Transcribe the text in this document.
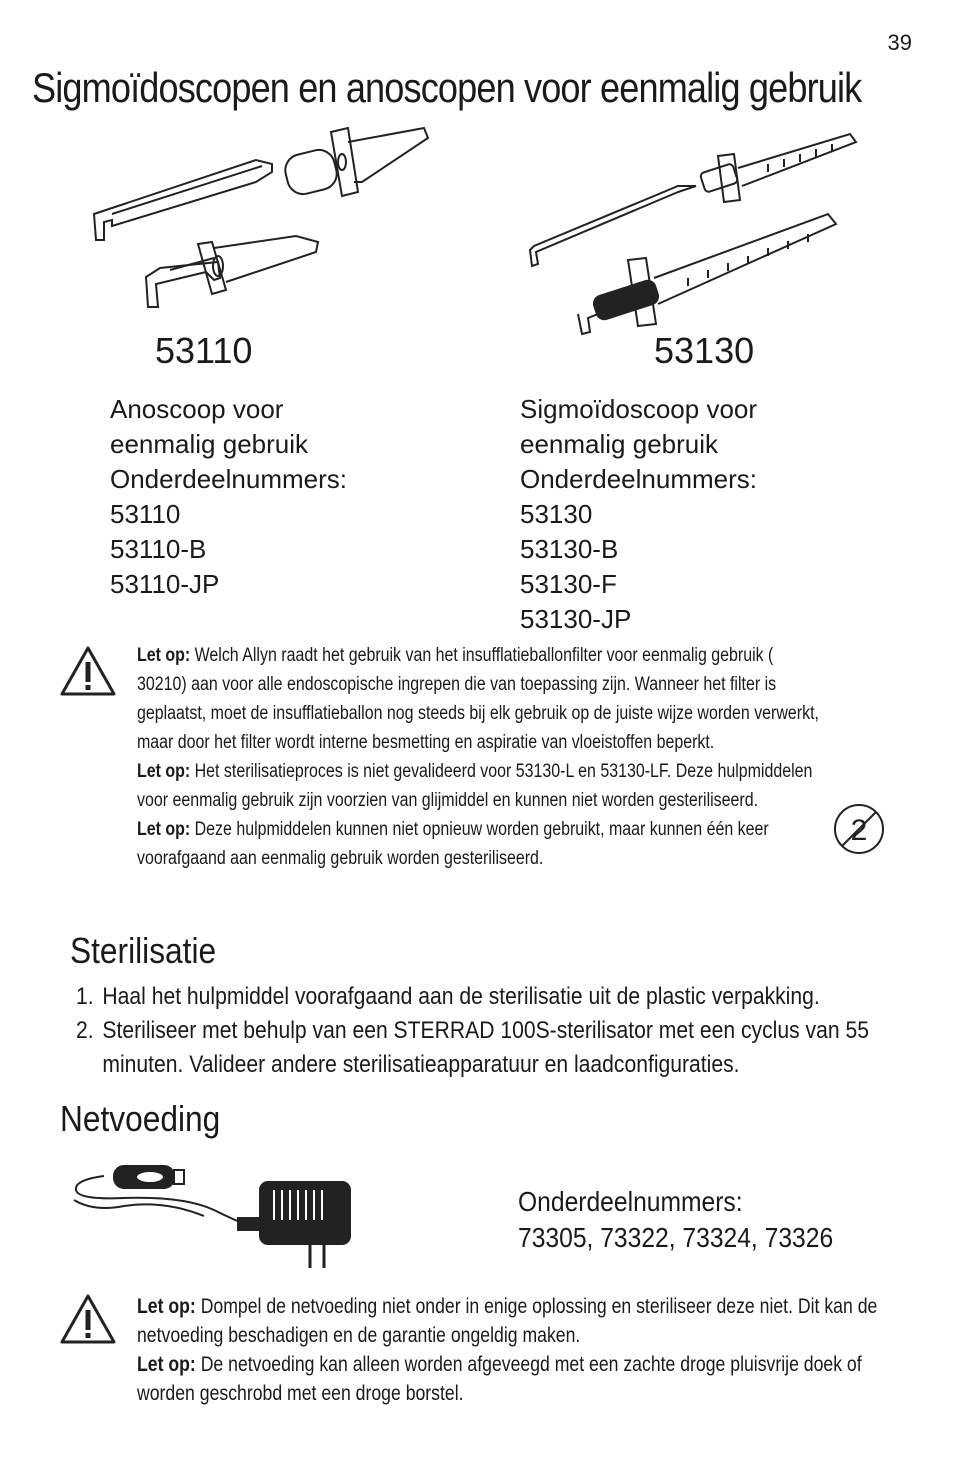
39
Sigmoïdoscopen en anoscopen voor eenmalig gebruik
53110	53130
Anoscoop voor
eenmalig gebruik
Onderdeelnummers:
53110
53110-B
53110-JP
Sigmoïdoscoop voor
eenmalig gebruik
Onderdeelnummers:
53130
53130-B
53130-F
53130-JP

Let op: Welch Allyn raadt het gebruik van het insufflatieballonfilter voor eenmalig gebruik ( 30210) aan voor alle endoscopische ingrepen die van toepassing zijn. Wanneer het filter is geplaatst, moet de insufflatieballon nog steeds bij elk gebruik op de juiste wijze worden verwerkt, maar door het filter wordt interne besmetting en aspiratie van vloeistoffen beperkt.

Let op: Het sterilisatieproces is niet gevalideerd voor 53130-L en 53130-LF. Deze hulpmiddelen voor eenmalig gebruik zijn voorzien van glijmiddel en kunnen niet worden gesteriliseerd.

Let op: Deze hulpmiddelen kunnen niet opnieuw worden gebruikt, maar kunnen één keer voorafgaand aan eenmalig gebruik worden gesteriliseerd.

2
Sterilisatie
1. Haal het hulpmiddel voorafgaand aan de sterilisatie uit de plastic verpakking.
2. Steriliseer met behulp van een STERRAD 100S-sterilisator met een cyclus van 55 minuten. Valideer andere sterilisatieapparatuur en laadconfiguraties.
Netvoeding
Onderdeelnummers:
73305, 73322, 73324, 73326

Let op: Dompel de netvoeding niet onder in enige oplossing en steriliseer deze niet. Dit kan de netvoeding beschadigen en de garantie ongeldig maken.

Let op: De netvoeding kan alleen worden afgeveegd met een zachte droge pluisvrije doek of worden geschrobd met een droge borstel.
